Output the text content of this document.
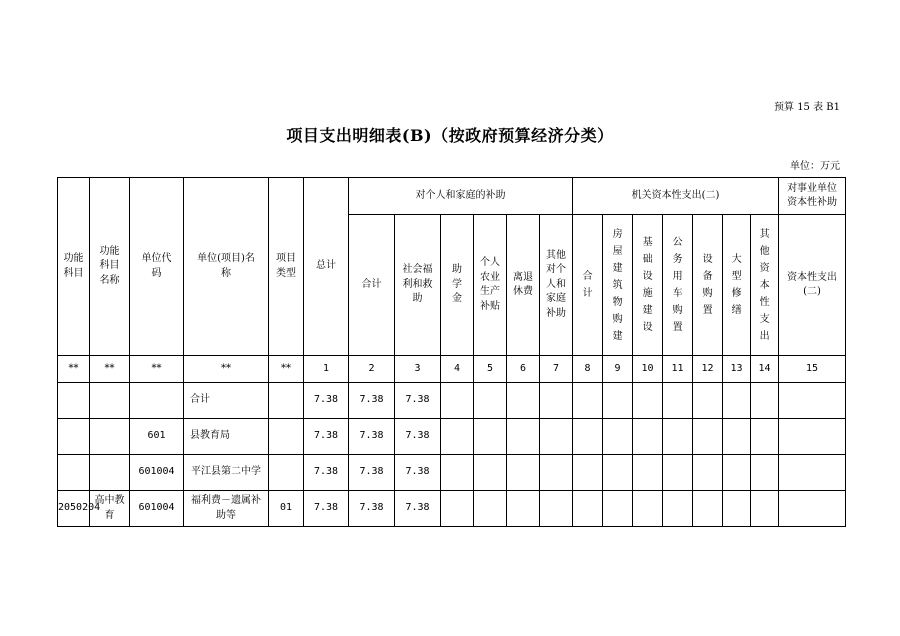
预算 15 表 B1
项目支出明细表(B)（按政府预算经济分类）
单位：万元
功能科目	功能科目名称	单位代码	单位(项目)名称	项目类型	总计	对个人和家庭的补助						机关资本性支出(二)							对事业单位资本性补助
						合计	社会福利和救助	助学金	个人农业生产补贴	离退休费	其他对个人和家庭补助	合计	房屋建筑物购建	基础设施建设	公务用车购置	设备购置	大型修缮	其他资本性支出	资本性支出(二)
**	**	**	**	**	1	2	3	4	5	6	7	8	9	10	11	12	13	14	15
			合计		7.38	7.38	7.38												
		601	县教育局		7.38	7.38	7.38												
		601004	平江县第二中学		7.38	7.38	7.38												
2050204	高中教育	601004	福利费－遗属补助等	01	7.38	7.38	7.38												
